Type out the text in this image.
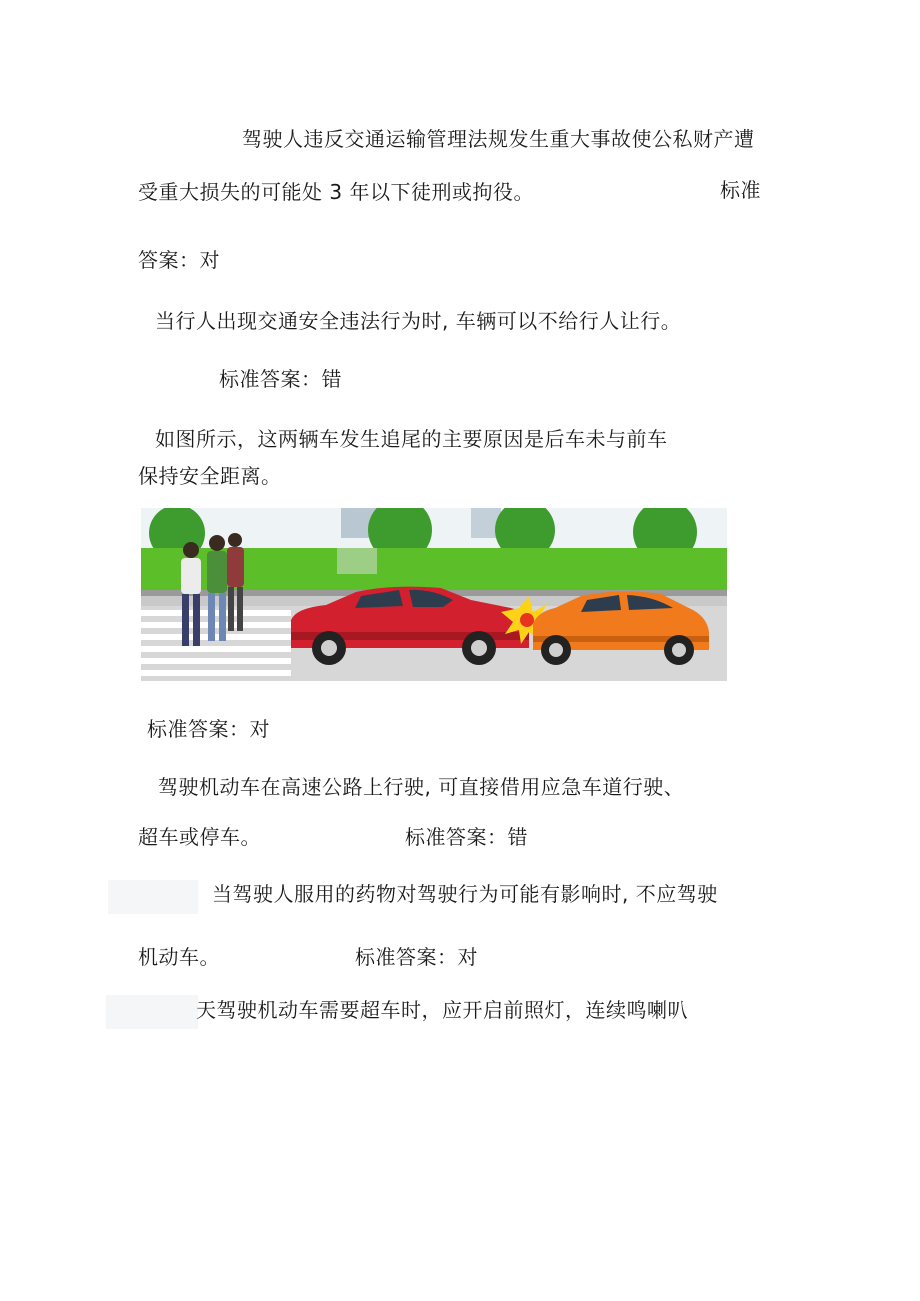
驾驶人违反交通运输管理法规发生重大事故使公私财产遭
受重大损失的可能处 3 年以下徒刑或拘役。	标准
答案：对
当行人出现交通安全违法行为时, 车辆可以不给行人让行。
标准答案：错
如图所示，这两辆车发生追尾的主要原因是后车未与前车
保持安全距离。
标准答案：对
驾驶机动车在高速公路上行驶, 可直接借用应急车道行驶、
超车或停车。	标准答案：错
当驾驶人服用的药物对驾驶行为可能有影响时, 不应驾驶
机动车。	标准答案：对
天驾驶机动车需要超车时，应开启前照灯，连续鸣喇叭
